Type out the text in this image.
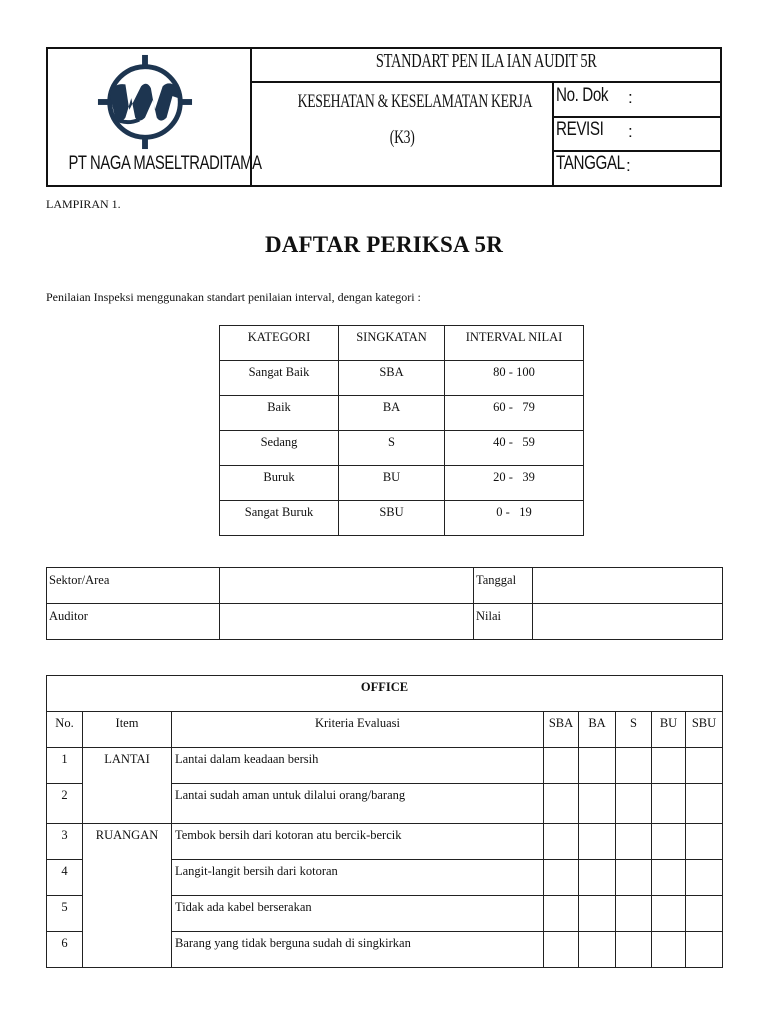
PT NAGA MASELTRADITAMA
STANDART PEN ILA IAN AUDIT 5R
KESEHATAN & KESELAMATAN KERJA
(K3)
No. Dok :
REVISI :
TANGGAL :
LAMPIRAN 1.
DAFTAR PERIKSA 5R
Penilaian Inspeksi menggunakan standart penilaian interval, dengan kategori :
KATEGORI	SINGKATAN	INTERVAL NILAI
Sangat Baik	SBA	80 - 100
Baik	BA	60 -   79
Sedang	S	40 -   59
Buruk	BU	20 -   39
Sangat Buruk	SBU	0 -   19
Sektor/Area		Tanggal	
Auditor		Nilai	
OFFICE							
No.	Item	Kriteria Evaluasi	SBA	BA	S	BU	SBU
1	LANTAI	Lantai dalam keadaan bersih					
2		Lantai sudah aman untuk dilalui orang/barang					
3	RUANGAN	Tembok bersih dari kotoran atu bercik-bercik					
4		Langit-langit bersih dari kotoran					
5		Tidak ada kabel berserakan					
6		Barang yang tidak berguna sudah di singkirkan					
